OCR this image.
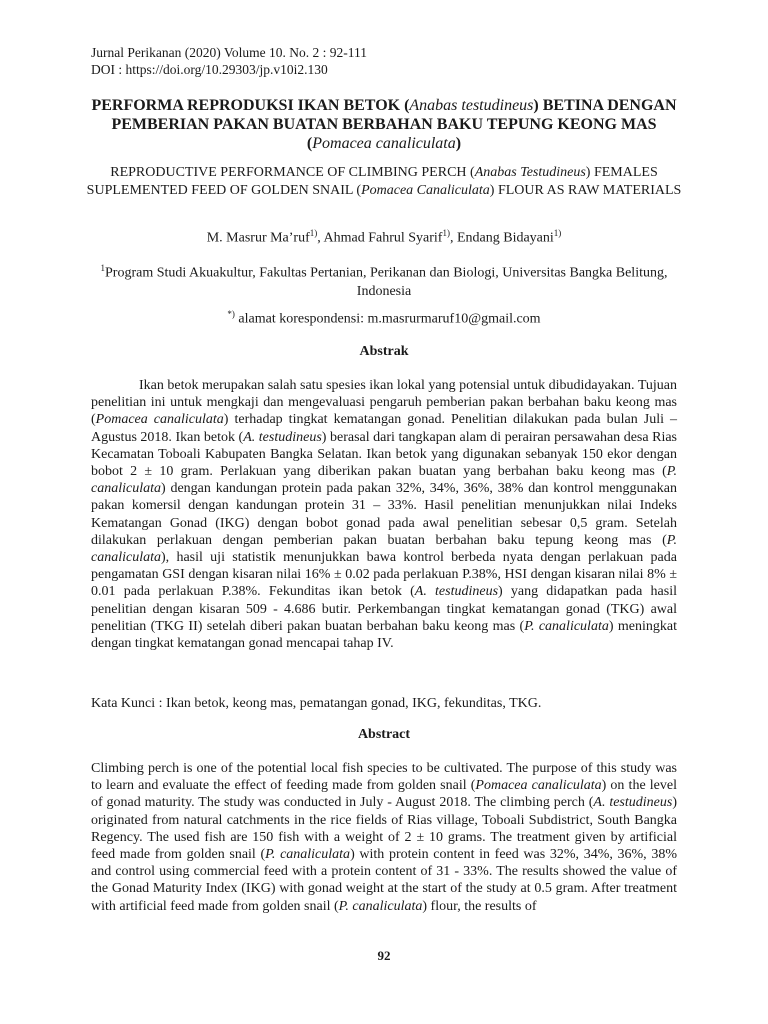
Jurnal Perikanan (2020) Volume 10. No. 2 : 92-111
DOI : https://doi.org/10.29303/jp.v10i2.130
PERFORMA REPRODUKSI IKAN BETOK (Anabas testudineus) BETINA DENGAN PEMBERIAN PAKAN BUATAN BERBAHAN BAKU TEPUNG KEONG MAS (Pomacea canaliculata)
REPRODUCTIVE PERFORMANCE OF CLIMBING PERCH (Anabas Testudineus) FEMALES SUPLEMENTED FEED OF GOLDEN SNAIL (Pomacea Canaliculata) FLOUR AS RAW MATERIALS
M. Masrur Ma’ruf$^{1)}$, Ahmad Fahrul Syarif$^{1)}$, Endang Bidayani$^{1)}$
$^1$Program Studi Akuakultur, Fakultas Pertanian, Perikanan dan Biologi, Universitas Bangka Belitung, Indonesia
*) alamat korespondensi: m.masrurmaruf10@gmail.com
Abstrak
Ikan betok merupakan salah satu spesies ikan lokal yang potensial untuk dibudidayakan. Tujuan penelitian ini untuk mengkaji dan mengevaluasi pengaruh pemberian pakan berbahan baku keong mas (Pomacea canaliculata) terhadap tingkat kematangan gonad. Penelitian dilakukan pada bulan Juli – Agustus 2018. Ikan betok (A. testudineus) berasal dari tangkapan alam di perairan persawahan desa Rias Kecamatan Toboali Kabupaten Bangka Selatan. Ikan betok yang digunakan sebanyak 150 ekor dengan bobot 2 ± 10 gram. Perlakuan yang diberikan pakan buatan yang berbahan baku keong mas (P. canaliculata) dengan kandungan protein pada pakan 32%, 34%, 36%, 38% dan kontrol menggunakan pakan komersil dengan kandungan protein 31 – 33%. Hasil penelitian menunjukkan nilai Indeks Kematangan Gonad (IKG) dengan bobot gonad pada awal penelitian sebesar 0,5 gram. Setelah dilakukan perlakuan dengan pemberian pakan buatan berbahan baku tepung keong mas (P. canaliculata), hasil uji statistik menunjukkan bawa kontrol berbeda nyata dengan perlakuan pada pengamatan GSI dengan kisaran nilai 16% ± 0.02 pada perlakuan P.38%, HSI dengan kisaran nilai 8% ± 0.01 pada perlakuan P.38%. Fekunditas ikan betok (A. testudineus) yang didapatkan pada hasil penelitian dengan kisaran 509 - 4.686 butir. Perkembangan tingkat kematangan gonad (TKG) awal penelitian (TKG II) setelah diberi pakan buatan berbahan baku keong mas (P. canaliculata) meningkat dengan tingkat kematangan gonad mencapai tahap IV.
Kata Kunci : Ikan betok, keong mas, pematangan gonad, IKG, fekunditas, TKG.
Abstract
Climbing perch is one of the potential local fish species to be cultivated. The purpose of this study was to learn and evaluate the effect of feeding made from golden snail (Pomacea canaliculata) on the level of gonad maturity. The study was conducted in July - August 2018. The climbing perch (A. testudineus) originated from natural catchments in the rice fields of Rias village, Toboali Subdistrict, South Bangka Regency. The used fish are 150 fish with a weight of 2 ± 10 grams. The treatment given by artificial feed made from golden snail (P. canaliculata) with protein content in feed was 32%, 34%, 36%, 38% and control using commercial feed with a protein content of 31 - 33%. The results showed the value of the Gonad Maturity Index (IKG) with gonad weight at the start of the study at 0.5 gram. After treatment with artificial feed made from golden snail (P. canaliculata) flour, the results of
92
